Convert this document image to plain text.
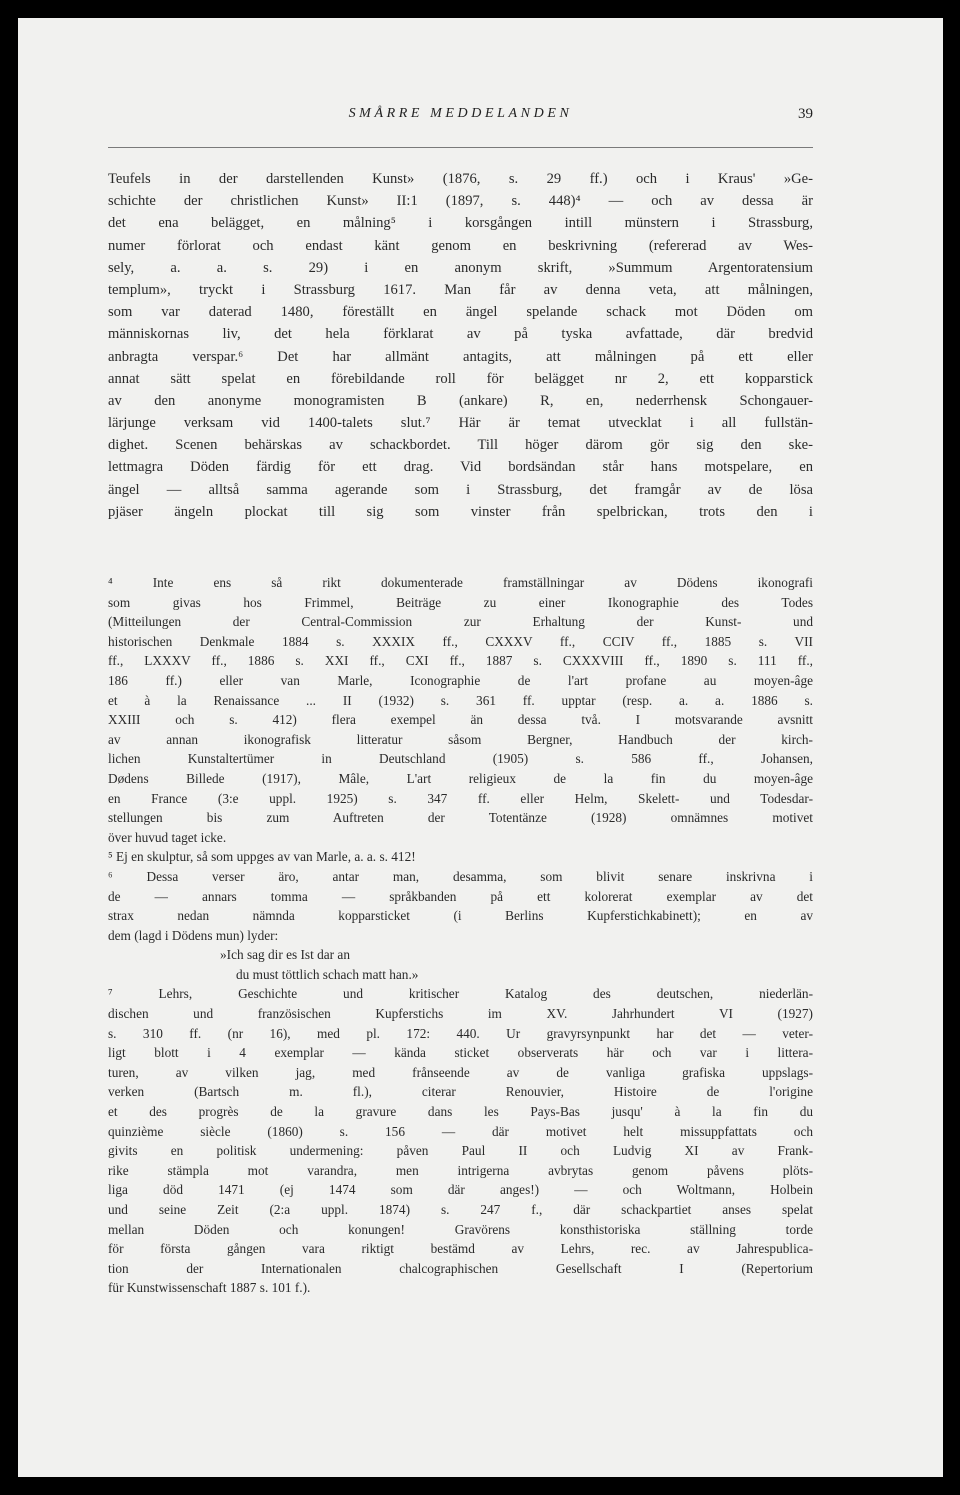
SMÅRRE MEDDELANDEN	39
Teufels in der darstellenden Kunst» (1876, s. 29 ff.) och i Kraus' »Ge-
schichte der christlichen Kunst» II:1 (1897, s. 448)⁴ — och av dessa är
det ena belägget, en målning⁵ i korsgången intill münstern i Strassburg,
numer förlorat och endast känt genom en beskrivning (refererad av Wes-
sely, a. a. s. 29) i en anonym skrift, »Summum Argentoratensium
templum», tryckt i Strassburg 1617. Man får av denna veta, att målningen,
som var daterad 1480, föreställt en ängel spelande schack mot Döden om
människornas liv, det hela förklarat av på tyska avfattade, där bredvid
anbragta verspar.⁶ Det har allmänt antagits, att målningen på ett eller
annat sätt spelat en förebildande roll för belägget nr 2, ett kopparstick
av den anonyme monogramisten B (ankare) R, en, nederrhensk Schongauer-
lärjunge verksam vid 1400-talets slut.⁷ Här är temat utvecklat i all fullstän-
dighet. Scenen behärskas av schackbordet. Till höger därom gör sig den ske-
lettmagra Döden färdig för ett drag. Vid bordsändan står hans motspelare, en
ängel — alltså samma agerande som i Strassburg, det framgår av de lösa
pjäser ängeln plockat till sig som vinster från spelbrickan, trots den i
⁴ Inte ens så rikt dokumenterade framställningar av Dödens ikonografi
som givas hos Frimmel, Beiträge zu einer Ikonographie des Todes
(Mitteilungen der Central-Commission zur Erhaltung der Kunst- und
historischen Denkmale 1884 s. XXXIX ff., CXXXV ff., CCIV ff., 1885 s. VII
ff., LXXXV ff., 1886 s. XXI ff., CXI ff., 1887 s. CXXXVIII ff., 1890 s. 111 ff.,
186 ff.) eller van Marle, Iconographie de l'art profane au moyen-âge
et à la Renaissance ... II (1932) s. 361 ff. upptar (resp. a. a. 1886 s.
XXIII och s. 412) flera exempel än dessa två. I motsvarande avsnitt
av annan ikonografisk litteratur såsom Bergner, Handbuch der kirch-
lichen Kunstaltertümer in Deutschland (1905) s. 586 ff., Johansen,
Dødens Billede (1917), Mâle, L'art religieux de la fin du moyen-âge
en France (3:e uppl. 1925) s. 347 ff. eller Helm, Skelett- und Todesdar-
stellungen bis zum Auftreten der Totentänze (1928) omnämnes motivet
över huvud taget icke.
⁵ Ej en skulptur, så som uppges av van Marle, a. a. s. 412!
⁶ Dessa verser äro, antar man, desamma, som blivit senare inskrivna i
de — annars tomma — språkbanden på ett kolorerat exemplar av det
strax nedan nämnda kopparsticket (i Berlins Kupferstichkabinett); en av
dem (lagd i Dödens mun) lyder:
»Ich sag dir es Ist dar an
du must töttlich schach matt han.»
⁷ Lehrs, Geschichte und kritischer Katalog des deutschen, niederlän-
dischen und französischen Kupferstichs im XV. Jahrhundert VI (1927)
s. 310 ff. (nr 16), med pl. 172: 440. Ur gravyrsynpunkt har det — veter-
ligt blott i 4 exemplar — kända sticket observerats här och var i littera-
turen, av vilken jag, med frånseende av de vanliga grafiska uppslags-
verken (Bartsch m. fl.), citerar Renouvier, Histoire de l'origine
et des progrès de la gravure dans les Pays-Bas jusqu' à la fin du
quinzième siècle (1860) s. 156 — där motivet helt missuppfattats och
givits en politisk undermening: påven Paul II och Ludvig XI av Frank-
rike stämpla mot varandra, men intrigerna avbrytas genom påvens plöts-
liga död 1471 (ej 1474 som där anges!) — och Woltmann, Holbein
und seine Zeit (2:a uppl. 1874) s. 247 f., där schackpartiet anses spelat
mellan Döden och konungen! Gravörens konsthistoriska ställning torde
för första gången vara riktigt bestämd av Lehrs, rec. av Jahrespublica-
tion der Internationalen chalcographischen Gesellschaft I (Repertorium
für Kunstwissenschaft 1887 s. 101 f.).
